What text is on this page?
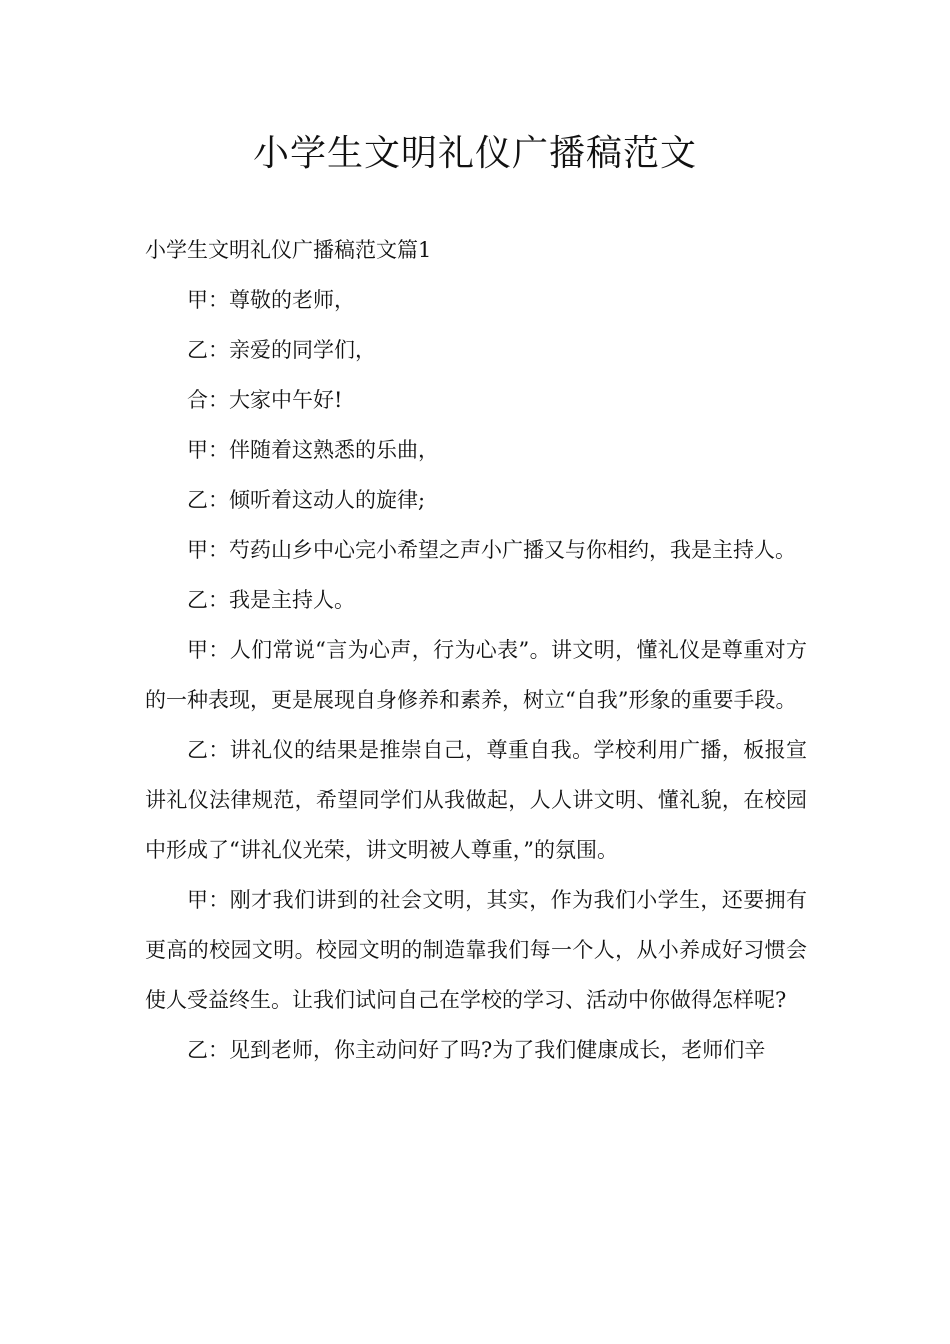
小学生文明礼仪广播稿范文
小学生文明礼仪广播稿范文篇1

甲：尊敬的老师，

乙：亲爱的同学们，

合：大家中午好!

甲：伴随着这熟悉的乐曲，

乙：倾听着这动人的旋律;

甲：芍药山乡中心完小希望之声小广播又与你相约，我是主持人。

乙：我是主持人。

甲：人们常说“言为心声，行为心表”。讲文明，懂礼仪是尊重对方的一种表现，更是展现自身修养和素养，树立“自我”形象的重要手段。

乙：讲礼仪的结果是推崇自己，尊重自我。学校利用广播，板报宣讲礼仪法律规范，希望同学们从我做起，人人讲文明、懂礼貌，在校园中形成了“讲礼仪光荣，讲文明被人尊重，”的氛围。

甲：刚才我们讲到的社会文明，其实，作为我们小学生，还要拥有更高的校园文明。校园文明的制造靠我们每一个人，从小养成好习惯会使人受益终生。让我们试问自己在学校的学习、活动中你做得怎样呢?

乙：见到老师，你主动问好了吗?为了我们健康成长，老师们辛
